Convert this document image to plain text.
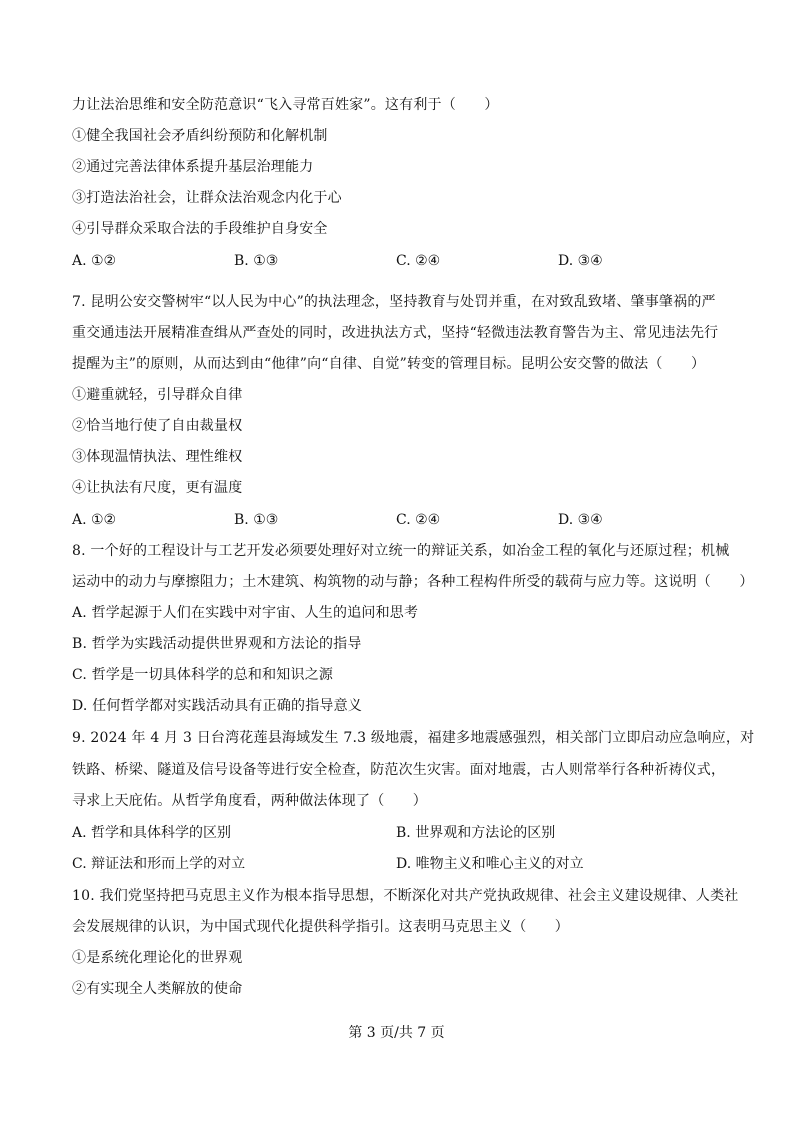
力让法治思维和安全防范意识“飞入寻常百姓家”。这有利于（　　）
①健全我国社会矛盾纠纷预防和化解机制
②通过完善法律体系提升基层治理能力
③打造法治社会，让群众法治观念内化于心
④引导群众采取合法的手段维护自身安全
A. ①②	B. ①③	C. ②④	D. ③④
7. 昆明公安交警树牢“以人民为中心”的执法理念，坚持教育与处罚并重，在对致乱致堵、肇事肇祸的严
重交通违法开展精准查缉从严查处的同时，改进执法方式，坚持“轻微违法教育警告为主、常见违法先行
提醒为主”的原则，从而达到由“他律”向“自律、自觉”转变的管理目标。昆明公安交警的做法（　　）
①避重就轻，引导群众自律
②恰当地行使了自由裁量权
③体现温情执法、理性维权
④让执法有尺度，更有温度
A. ①②	B. ①③	C. ②④	D. ③④
8. 一个好的工程设计与工艺开发必须要处理好对立统一的辩证关系，如冶金工程的氧化与还原过程；机械
运动中的动力与摩擦阻力；土木建筑、构筑物的动与静；各种工程构件所受的载荷与应力等。这说明（　　）
A. 哲学起源于人们在实践中对宇宙、人生的追问和思考
B. 哲学为实践活动提供世界观和方法论的指导
C. 哲学是一切具体科学的总和和知识之源
D. 任何哲学都对实践活动具有正确的指导意义
9. 2024 年 4 月 3 日台湾花莲县海域发生 7.3 级地震，福建多地震感强烈，相关部门立即启动应急响应，对
铁路、桥梁、隧道及信号设备等进行安全检查，防范次生灾害。面对地震，古人则常举行各种祈祷仪式，
寻求上天庇佑。从哲学角度看，两种做法体现了（　　）
A. 哲学和具体科学的区别	B. 世界观和方法论的区别
C. 辩证法和形而上学的对立	D. 唯物主义和唯心主义的对立
10. 我们党坚持把马克思主义作为根本指导思想，不断深化对共产党执政规律、社会主义建设规律、人类社
会发展规律的认识，为中国式现代化提供科学指引。这表明马克思主义（　　）
①是系统化理论化的世界观
②有实现全人类解放的使命
第 3 页/共 7 页
